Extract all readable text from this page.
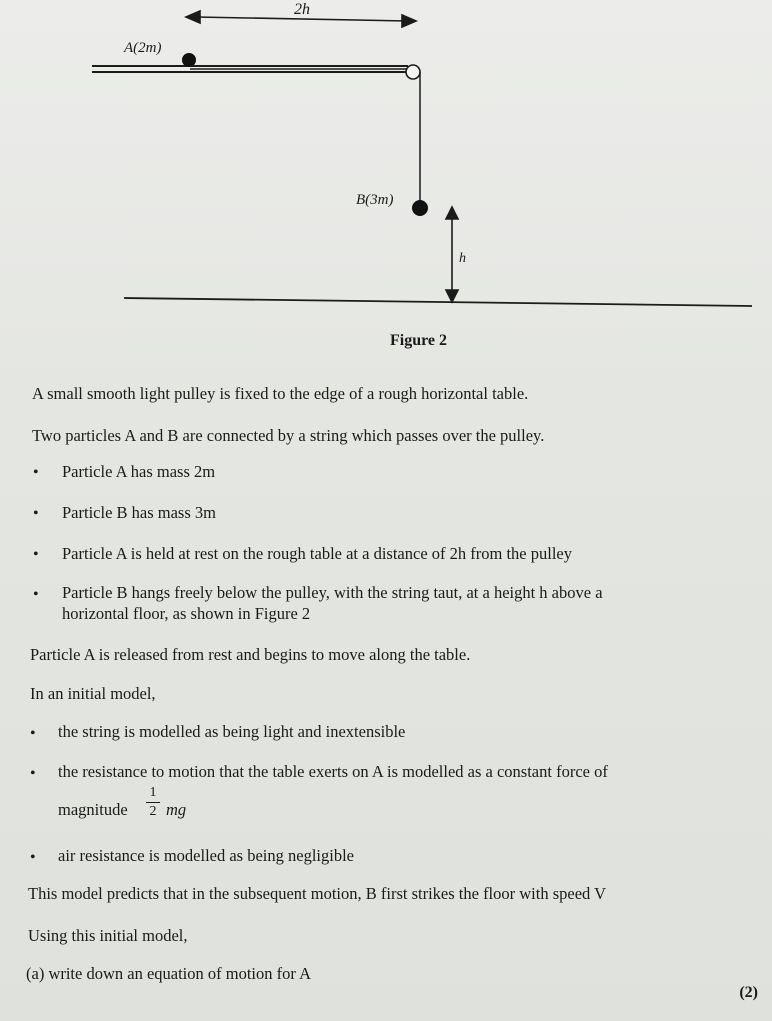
2h
A(2m)
B(3m)
h
Figure 2
A small smooth light pulley is fixed to the edge of a rough horizontal table.
Two particles A and B are connected by a string which passes over the pulley.
• Particle A has mass 2m
• Particle B has mass 3m
• Particle A is held at rest on the rough table at a distance of 2h from the pulley
• Particle B hangs freely below the pulley, with the string taut, at a height h above a
horizontal floor, as shown in Figure 2
Particle A is released from rest and begins to move along the table.
In an initial model,
• the string is modelled as being light and inextensible
• the resistance to motion that the table exerts on A is modelled as a constant force of
magnitude
1
2 mg
• air resistance is modelled as being negligible
This model predicts that in the subsequent motion, B first strikes the floor with speed V
Using this initial model,
(a) write down an equation of motion for A
(2)
